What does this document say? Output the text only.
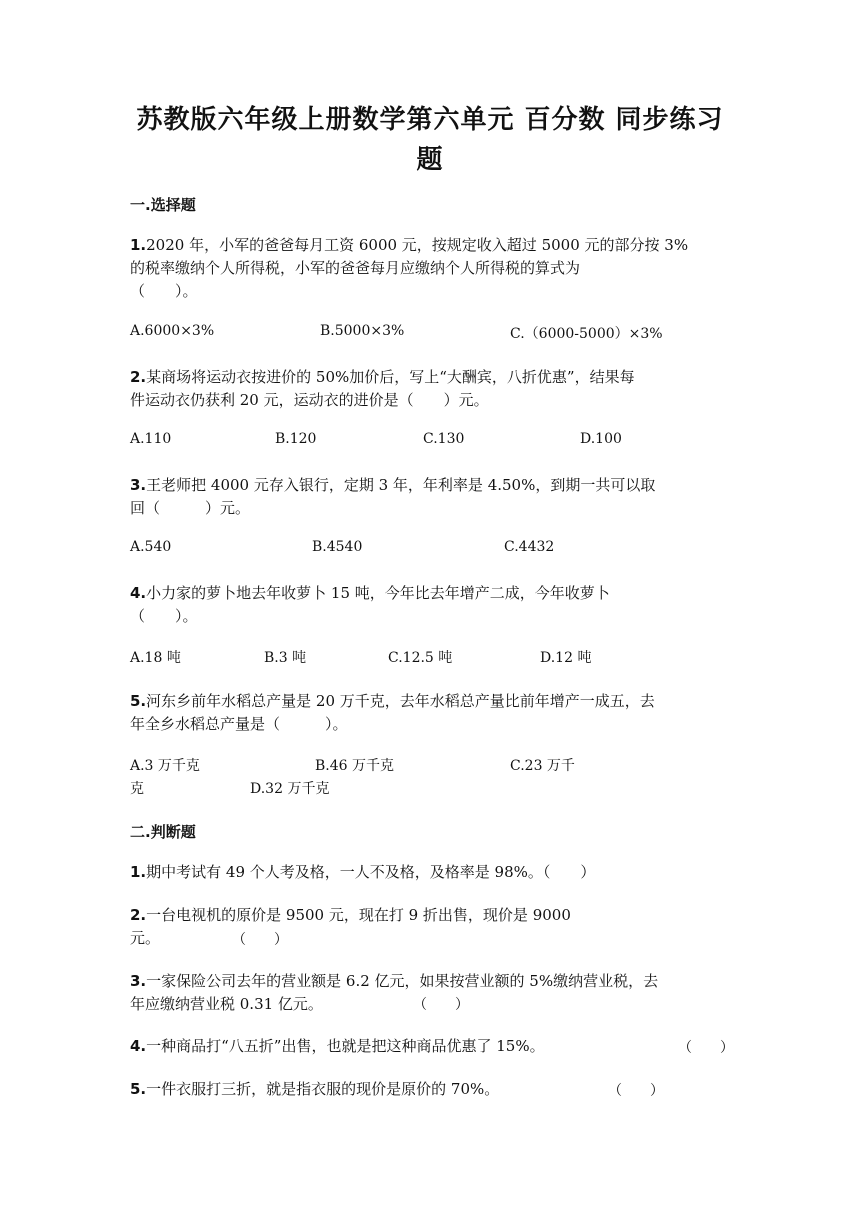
苏教版六年级上册数学第六单元 百分数 同步练习
题
一.选择题
1.2020 年，小军的爸爸每月工资 6000 元，按规定收入超过 5000 元的部分按 3%
的税率缴纳个人所得税，小军的爸爸每月应缴纳个人所得税的算式为
（　　）。
A.6000×3%	B.5000×3%	C.（6000-5000）×3%
2.某商场将运动衣按进价的 50%加价后，写上“大酬宾，八折优惠”，结果每
件运动衣仍获利 20 元，运动衣的进价是（　　）元。
A.110	B.120	C.130	D.100
3.王老师把 4000 元存入银行，定期 3 年，年利率是 4.50%，到期一共可以取
回（　　　）元。
A.540	B.4540	C.4432
4.小力家的萝卜地去年收萝卜 15 吨，今年比去年增产二成，今年收萝卜
（　　）。
A.18 吨	B.3 吨	C.12.5 吨	D.12 吨
5.河东乡前年水稻总产量是 20 万千克，去年水稻总产量比前年增产一成五，去
年全乡水稻总产量是（　　　）。
A.3 万千克	B.46 万千克	C.23 万千
克	D.32 万千克
二.判断题
1.期中考试有 49 个人考及格，一人不及格，及格率是 98%。（　　）
2.一台电视机的原价是 9500 元，现在打 9 折出售，现价是 9000
元。	（　　）
3.一家保险公司去年的营业额是 6.2 亿元，如果按营业额的 5%缴纳营业税，去
年应缴纳营业税 0.31 亿元。	（　　）
4.一种商品打“八五折”出售，也就是把这种商品优惠了 15%。	（　　）
5.一件衣服打三折，就是指衣服的现价是原价的 70%。	（　　）
